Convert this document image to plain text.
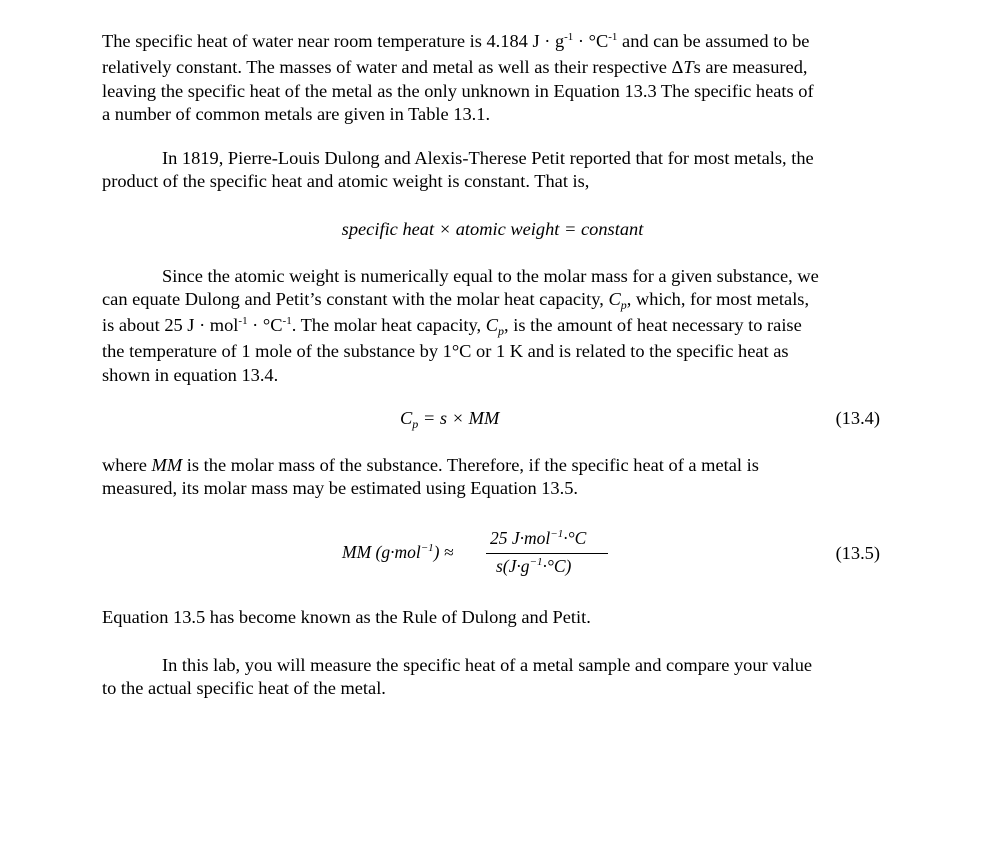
The specific heat of water near room temperature is 4.184 $J \cdot g^{-1} \cdot ^\circ C^{-1}$ and can be assumed to be
relatively constant. The masses of water and metal as well as their respective ΔTs are measured,
leaving the specific heat of the metal as the only unknown in Equation 13.3 The specific heats of
a number of common metals are given in Table 13.1.
In 1819, Pierre-Louis Dulong and Alexis-Therese Petit reported that for most metals, the
product of the specific heat and atomic weight is constant. That is,
specific heat × atomic weight = constant
Since the atomic weight is numerically equal to the molar mass for a given substance, we
can equate Dulong and Petit’s constant with the molar heat capacity, $C_p$, which, for most metals,
is about 25 $J \cdot mol^{-1} \cdot ^\circ C^{-1}$. The molar heat capacity, $C_p$, is the amount of heat necessary to raise
the temperature of 1 mole of the substance by 1°C or 1 K and is related to the specific heat as
shown in equation 13.4.
$C_p = s$ × MM	(13.4)
where MM is the molar mass of the substance. Therefore, if the specific heat of a metal is
measured, its molar mass may be estimated using Equation 13.5.
MM (g·mol$^{-1}$) ≈
25 J·mol$^{-1}$·°C
$s(J\cdot g^{-1}\cdot^\circ C)$
(13.5)
Equation 13.5 has become known as the Rule of Dulong and Petit.
In this lab, you will measure the specific heat of a metal sample and compare your value
to the actual specific heat of the metal.
